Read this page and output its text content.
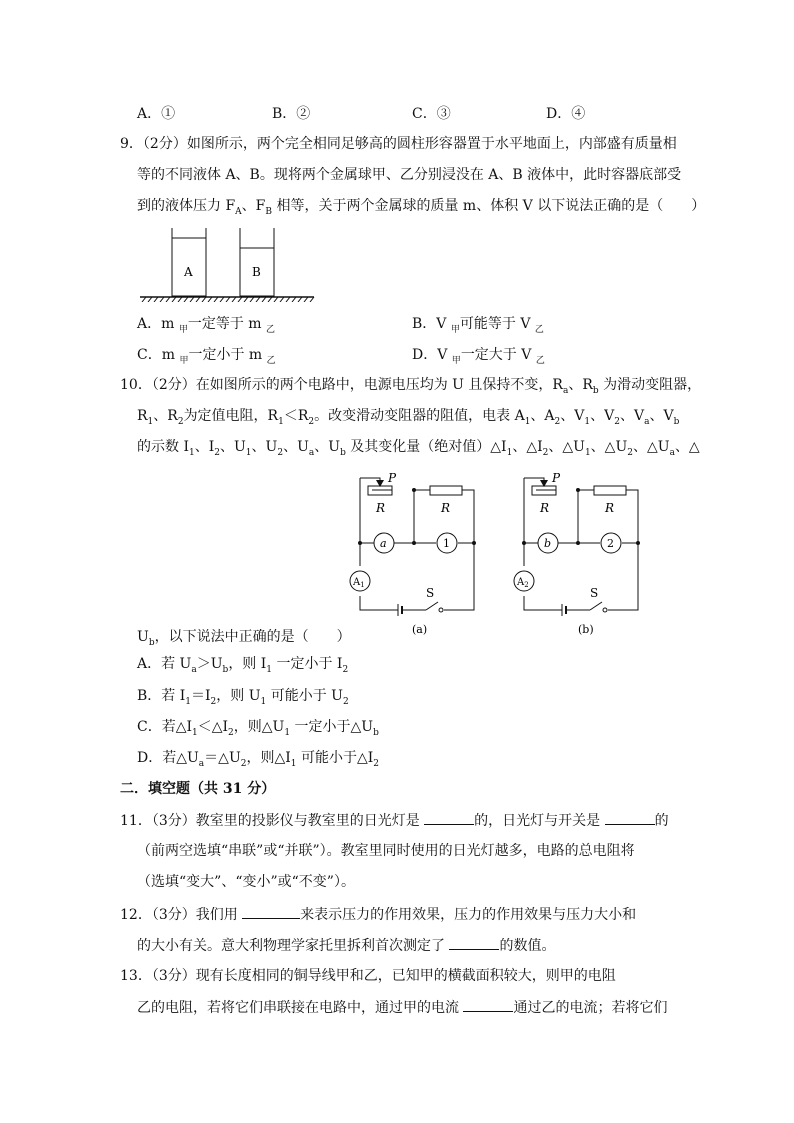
A．①	B．②	C．③	D．④
9．（2分）如图所示，两个完全相同足够高的圆柱形容器置于水平地面上，内部盛有质量相
等的不同液体 A、B。现将两个金属球甲、乙分别浸没在 A、B 液体中，此时容器底部受
到的液体压力 $F_A$、$F_B$ 相等，关于两个金属球的质量 m、体积 V 以下说法正确的是（　　）
A	B
A．m $_甲$一定等于 m $_乙$	B．V $_甲$可能等于 V $_乙$
C．m $_甲$一定小于 m $_乙$	D．V $_甲$一定大于 V $_乙$
10．（2分）在如图所示的两个电路中，电源电压均为 U 且保持不变，$R_a$、$R_b$ 为滑动变阻器，
$R_1$、$R_2$为定值电阻，$R_1<R_2$。改变滑动变阻器的阻值，电表 $A_1$、$A_2$、$V_1$、$V_2$、$V_a$、$V_b$
的示数 $I_1$、$I_2$、$U_1$、$U_2$、$U_a$、$U_b$ 及其变化量（绝对值）$\triangle I_1$、$\triangle I_2$、$\triangle U_1$、$\triangle U_2$、$\triangle U_a$、△
P
R	R
a	1
$A_1$
S
(a)
P
R	R
b	2
$A_2$
S
(b)
$U_b$，以下说法中正确的是（　　）
A．若 $U_a>U_b$，则 $I_1$ 一定小于 $I_2$
B．若 $I_1=I_2$，则 $U_1$ 可能小于 $U_2$
C．若$\triangle I_1<\triangle I_2$，则$\triangle U_1$ 一定小于$\triangle U_b$
D．若$\triangle U_a=\triangle U_2$，则$\triangle I_1$ 可能小于$\triangle I_2$
二．填空题（共 31 分）
11．（3分）教室里的投影仪与教室里的日光灯是	的，日光灯与开关是	的
（前两空选填“串联”或“并联”）。教室里同时使用的日光灯越多，电路的总电阻将
（选填“变大”、“变小”或“不变”）。
12．（3分）我们用	来表示压力的作用效果，压力的作用效果与压力大小和
的大小有关。意大利物理学家托里拆利首次测定了	的数值。
13．（3分）现有长度相同的铜导线甲和乙，已知甲的横截面积较大，则甲的电阻
乙的电阻，若将它们串联接在电路中，通过甲的电流	通过乙的电流；若将它们
